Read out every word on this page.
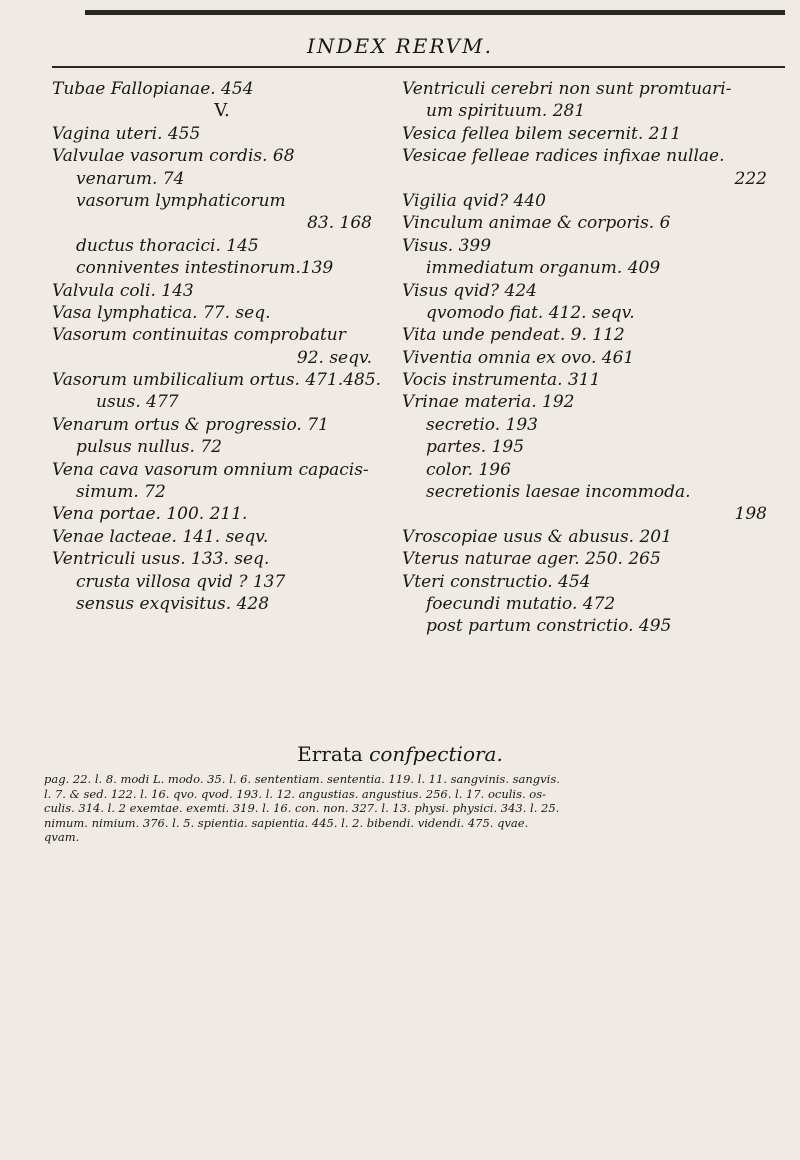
INDEX RERVM.
Tubae Fallopianae. 454
V.
Vagina uteri. 455
Valvulae vasorum cordis. 68
venarum. 74
vasorum lymphaticorum
83. 168
ductus thoracici. 145
conniventes intestinorum.139
Valvula coli. 143
Vasa lymphatica. 77. seq.
Vasorum continuitas comprobatur
92. seqv.
Vasorum umbilicalium ortus. 471.485.
usus. 477
Venarum ortus & progressio. 71
pulsus nullus. 72
Vena cava vasorum omnium capacis-
simum. 72
Vena portae. 100. 211.
Venae lacteae. 141. seqv.
Ventriculi usus. 133. seq.
crusta villosa qvid ? 137
sensus exqvisitus. 428
Ventriculi cerebri non sunt promtuari-
um spirituum. 281
Vesica fellea bilem secernit. 211
Vesicae felleae radices infixae nullae.
222
Vigilia qvid? 440
Vinculum animae & corporis. 6
Visus. 399
immediatum organum. 409
Visus qvid? 424
qvomodo fiat. 412. seqv.
Vita unde pendeat. 9. 112
Viventia omnia ex ovo. 461
Vocis instrumenta. 311
Vrinae materia. 192
secretio. 193
partes. 195
color. 196
secretionis laesae incommoda.
198
Vroscopiae usus & abusus. 201
Vterus naturae ager. 250. 265
Vteri constructio. 454
foecundi mutatio. 472
post partum constrictio. 495
Errata confpectiora.
pag. 22. l. 8. modi L. modo. 35. l. 6. sententiam. sententia. 119. l. 11. sangvinis. sangvis.
l. 7. & sed. 122. l. 16. qvo. qvod. 193. l. 12. angustias. angustius. 256. l. 17. oculis. os-
culis. 314. l. 2 exemtae. exemti. 319. l. 16. con. non. 327. l. 13. physi. physici. 343. l. 25.
nimum. nimium. 376. l. 5. spientia. sapientia. 445. l. 2. bibendi. videndi. 475. qvae.
qvam.
